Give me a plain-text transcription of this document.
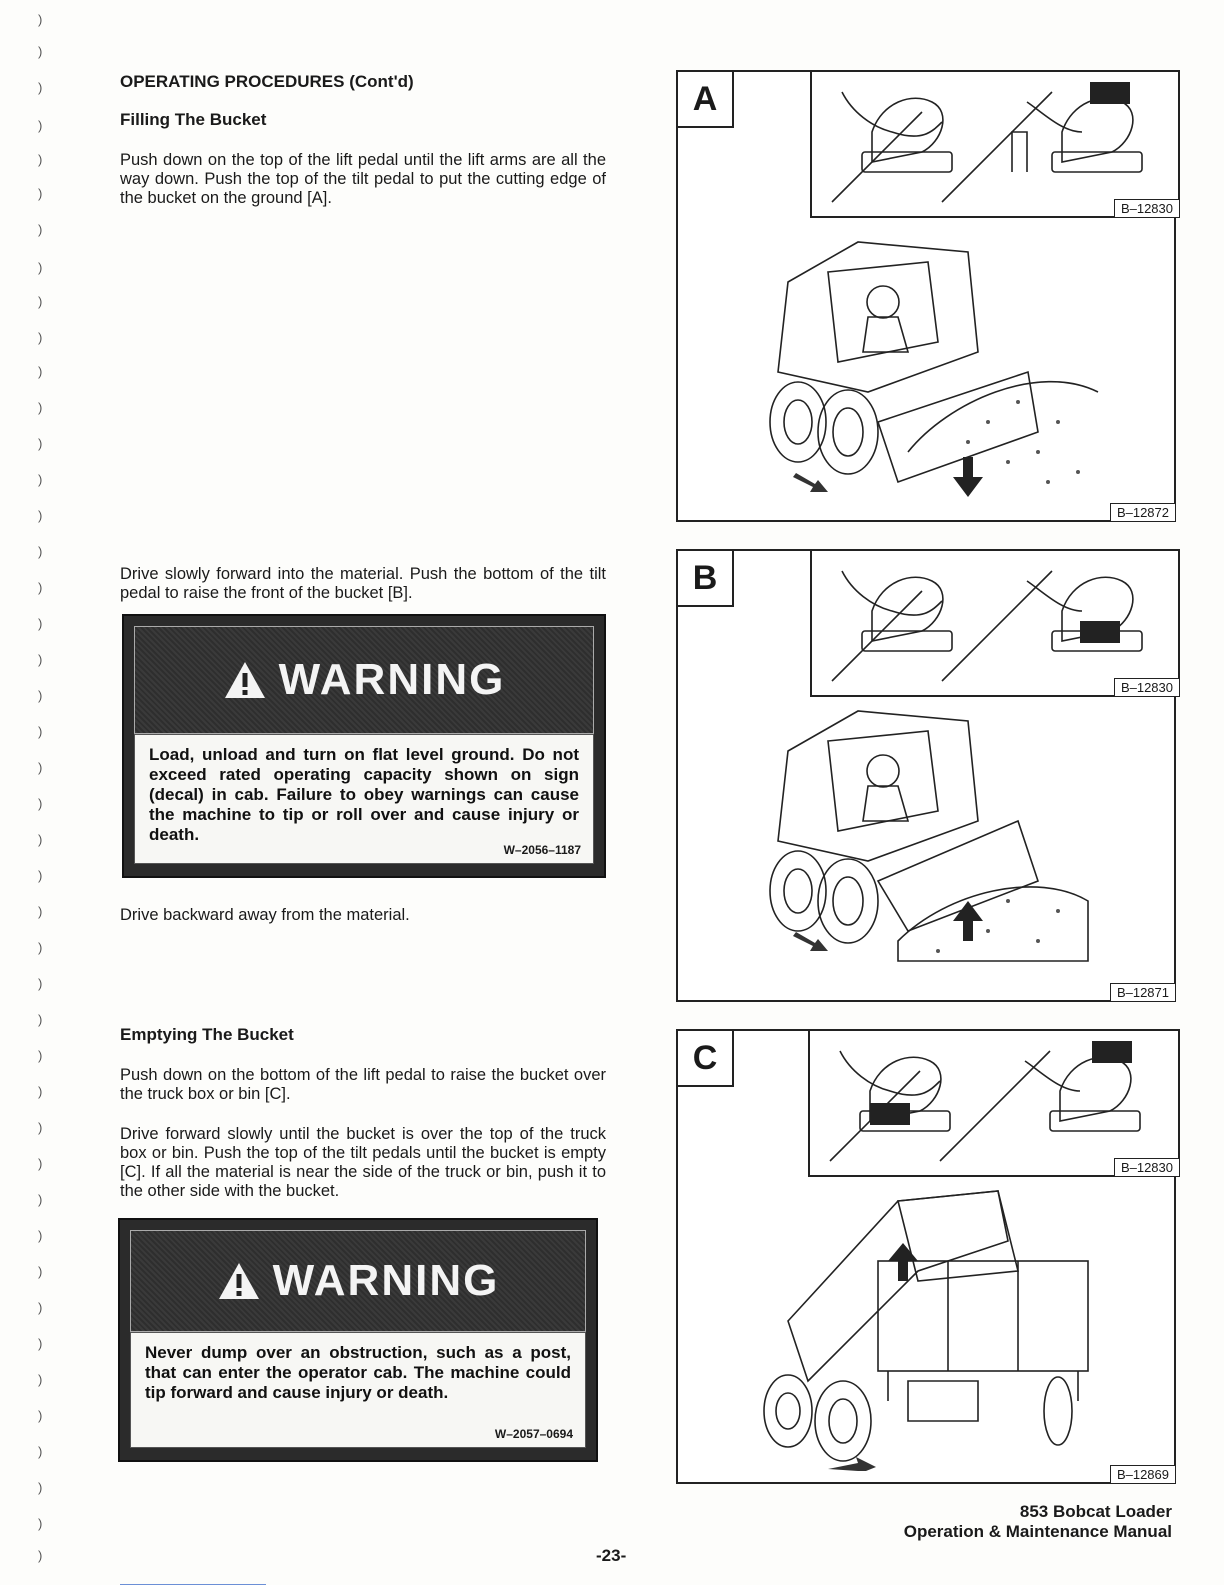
)
)
)
)
)
)
)
)
)
)
)
)
)
)
)
)
)
)
)
)
)
)
)
)
)
)
)
)
)
)
)
)
)
)
)
)
)
)
)
)
)
)
)
)
OPERATING PROCEDURES (Cont'd)
Filling The Bucket
Push down on the top of the lift pedal until the lift arms are all the way down. Push the top of the tilt pedal to put the cutting edge of the bucket on the ground [A].
Drive slowly forward into the material. Push the bottom of the tilt pedal to raise the front of the bucket [B].
WARNING
Load, unload and turn on flat level ground. Do not exceed rated operating capacity shown on sign (decal) in cab. Failure to obey warnings can cause the machine to tip or roll over and cause injury or death.
W–2056–1187
Drive backward away from the material.
Emptying The Bucket
Push down on the bottom of the lift pedal to raise the bucket over the truck box or bin [C].
Drive forward slowly until the bucket is over the top of the truck box or bin. Push the top of the tilt pedals until the bucket is empty [C]. If all the material is near the side of the truck or bin, push it to the other side with the bucket.
WARNING
Never dump over an obstruction, such as a post, that can enter the operator cab. The machine could tip forward and cause injury or death.
W–2057–0694
A
B–12830
B–12872
B
B–12830
B–12871
C
B–12830
B–12869
-23-
853 Bobcat Loader
Operation & Maintenance Manual
